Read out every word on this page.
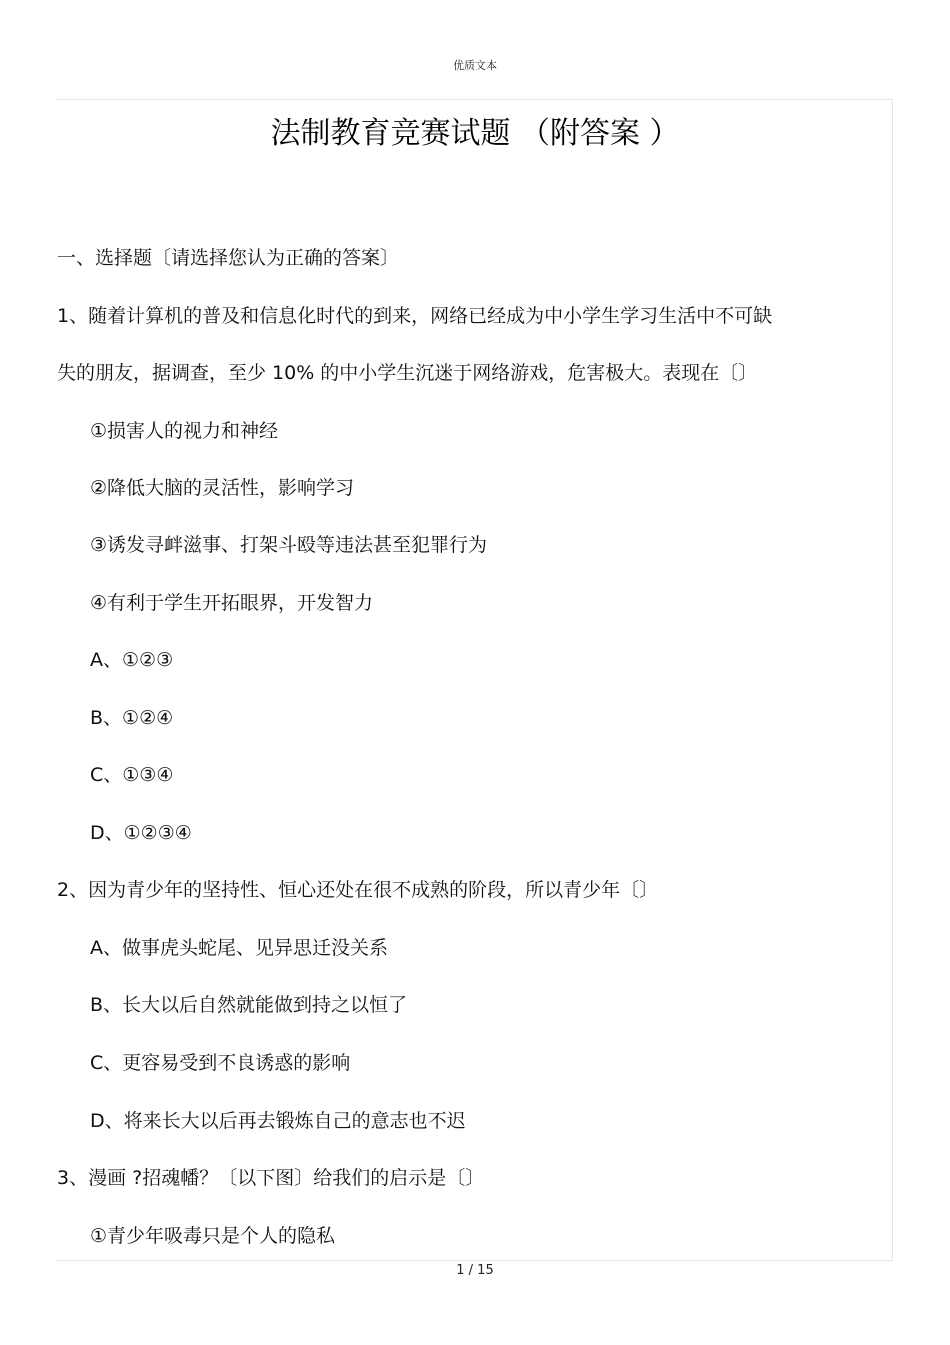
优质文本
法制教育竞赛试题 （附答案 ）
一、选择题〔请选择您认为正确的答案〕
1、随着计算机的普及和信息化时代的到来，网络已经成为中小学生学习生活中不可缺
失的朋友，据调查，至少 10% 的中小学生沉迷于网络游戏，危害极大。表现在〔〕
①损害人的视力和神经
②降低大脑的灵活性，影响学习
③诱发寻衅滋事、打架斗殴等违法甚至犯罪行为
④有利于学生开拓眼界，开发智力
A、①②③
B、①②④
C、①③④
D、①②③④
2、因为青少年的坚持性、恒心还处在很不成熟的阶段，所以青少年〔〕
A、做事虎头蛇尾、见异思迁没关系
B、长大以后自然就能做到持之以恒了
C、更容易受到不良诱惑的影响
D、将来长大以后再去锻炼自己的意志也不迟
3、漫画 ?招魂幡？〔以下图〕给我们的启示是〔〕
①青少年吸毒只是个人的隐私
1 / 15
